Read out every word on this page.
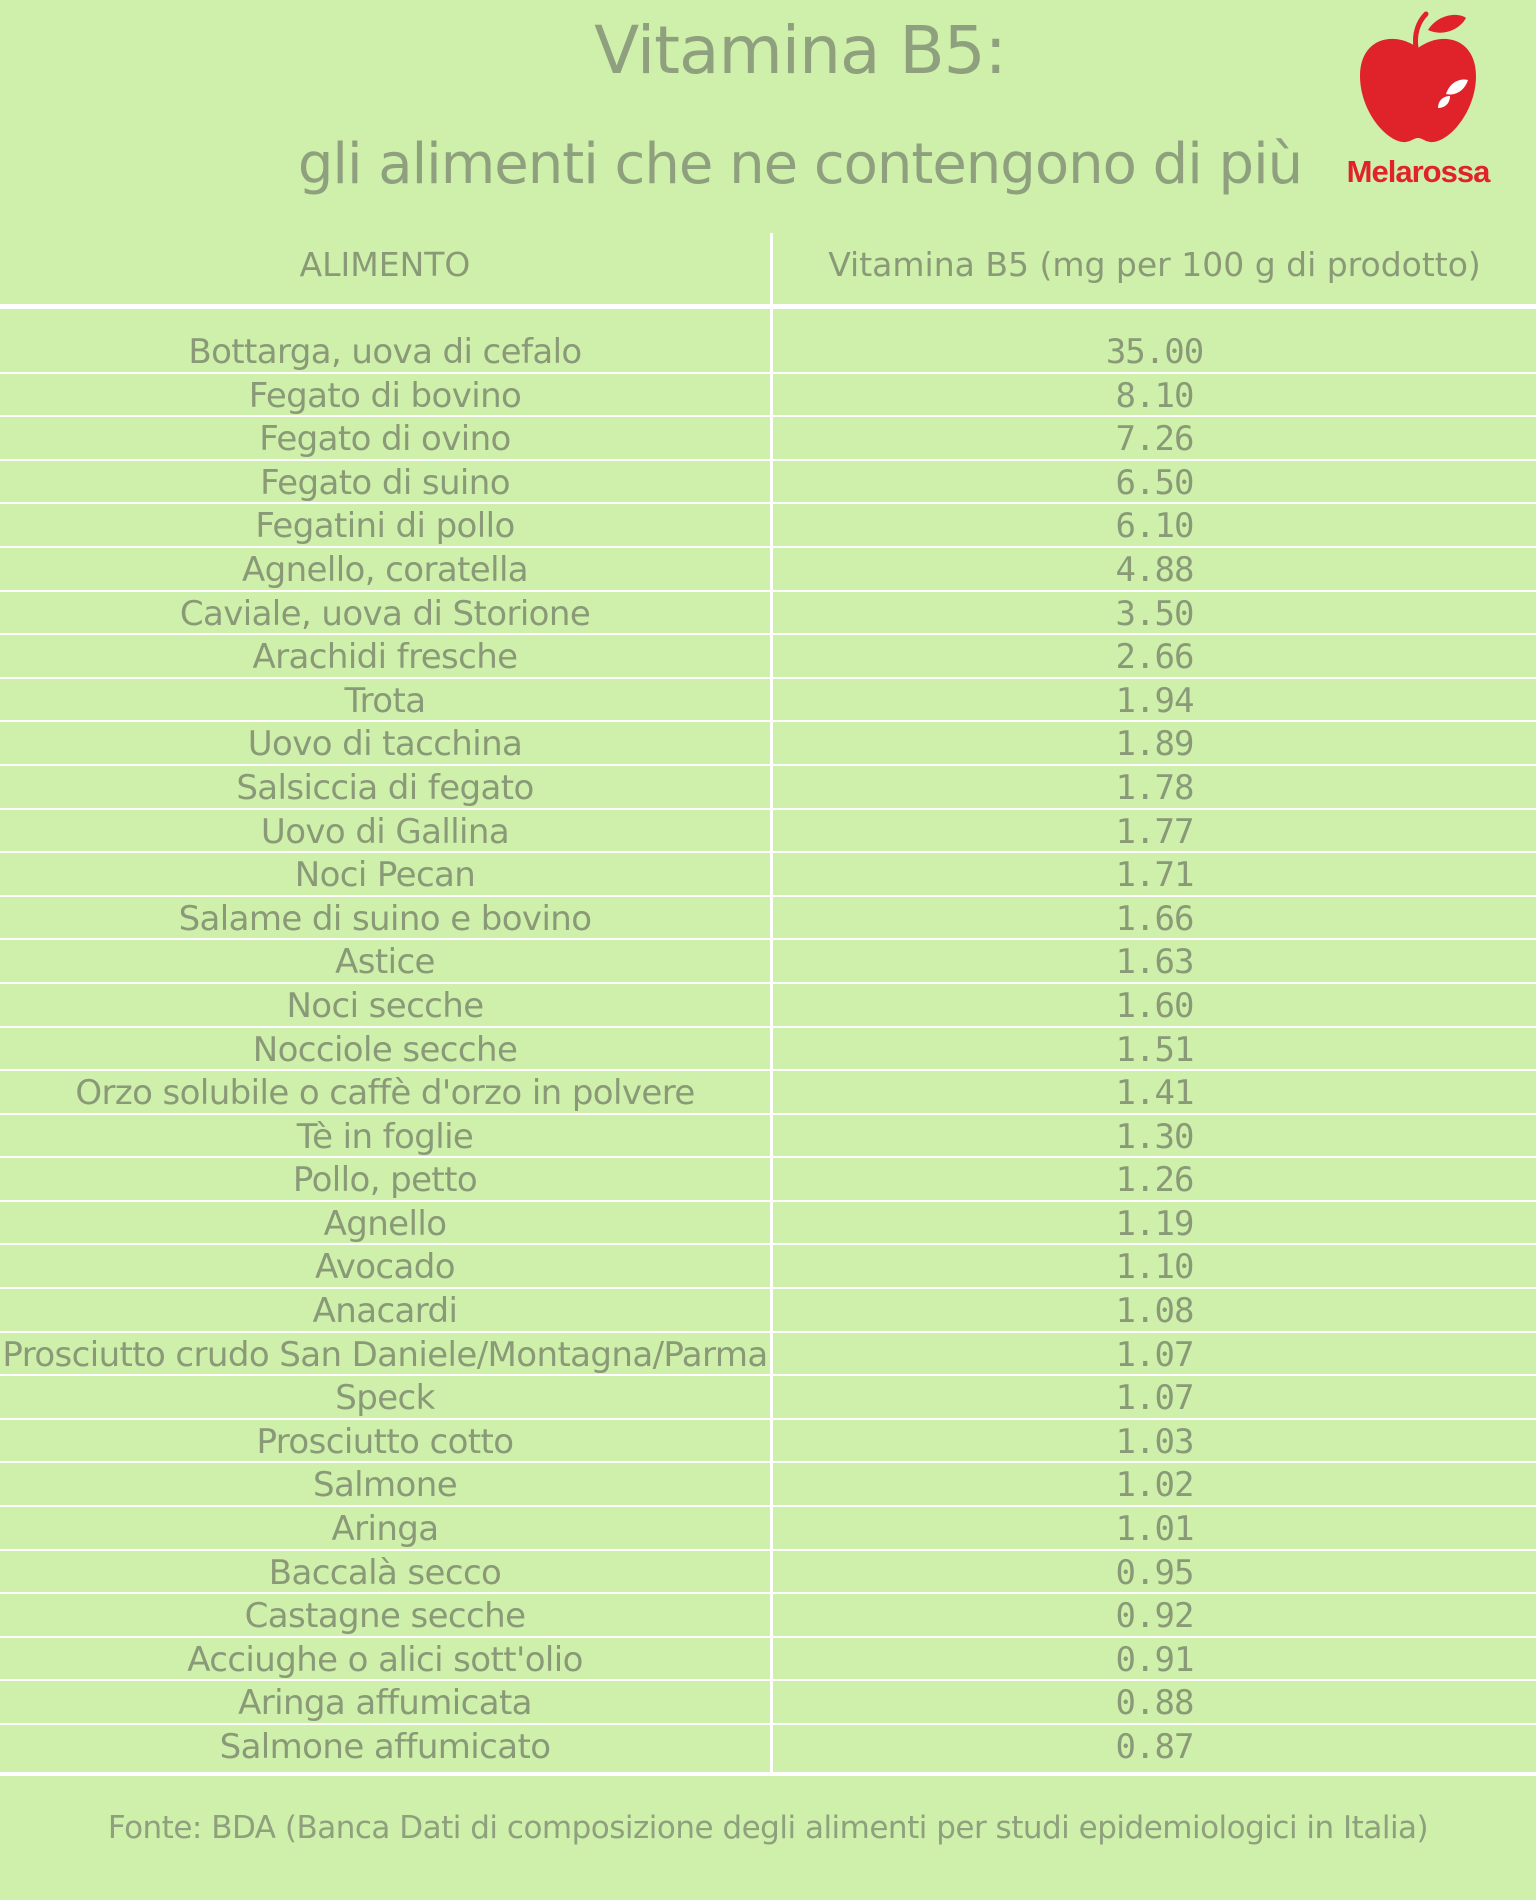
Vitamina B5:
gli alimenti che ne contengono di più	Melarossa
ALIMENTO	Vitamina B5 (mg per 100 g di prodotto)
Bottarga, uova di cefalo	35.00
Fegato di bovino	8.10
Fegato di ovino	7.26
Fegato di suino	6.50
Fegatini di pollo	6.10
Agnello, coratella	4.88
Caviale, uova di Storione	3.50
Arachidi fresche	2.66
Trota	1.94
Uovo di tacchina	1.89
Salsiccia di fegato	1.78
Uovo di Gallina	1.77
Noci Pecan	1.71
Salame di suino e bovino	1.66
Astice	1.63
Noci secche	1.60
Nocciole secche	1.51
Orzo solubile o caffè d'orzo in polvere	1.41
Tè in foglie	1.30
Pollo, petto	1.26
Agnello	1.19
Avocado	1.10
Anacardi	1.08
Prosciutto crudo San Daniele/Montagna/Parma	1.07
Speck	1.07
Prosciutto cotto	1.03
Salmone	1.02
Aringa	1.01
Baccalà secco	0.95
Castagne secche	0.92
Acciughe o alici sott'olio	0.91
Aringa affumicata	0.88
Salmone affumicato	0.87
Fonte: BDA (Banca Dati di composizione degli alimenti per studi epidemiologici in Italia)
